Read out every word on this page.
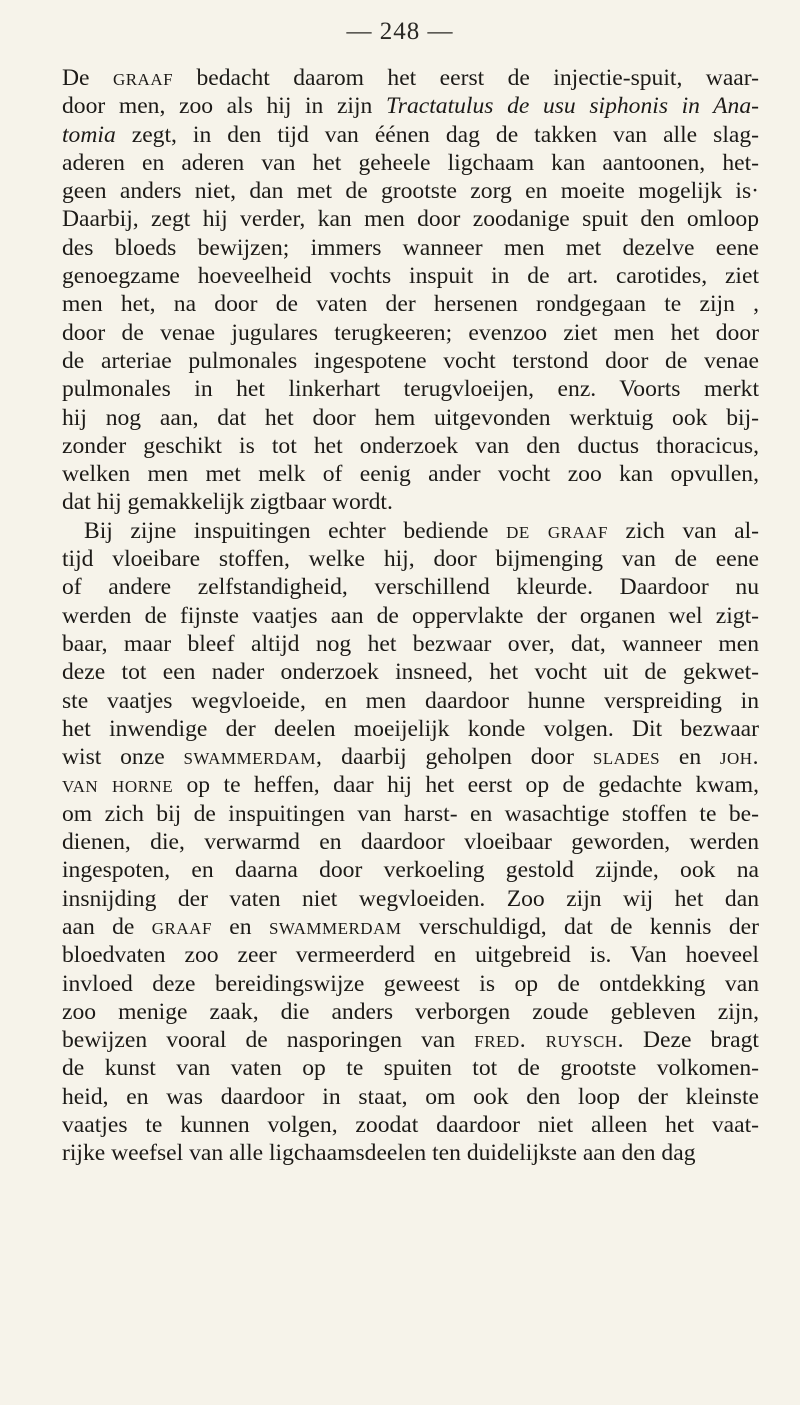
— 248 —
De graaf bedacht daarom het eerst de injectie-spuit, waar-
door men, zoo als hij in zijn Tractatulus de usu siphonis in Ana-
tomia zegt, in den tijd van éénen dag de takken van alle slag-
aderen en aderen van het geheele ligchaam kan aantoonen, het-
geen anders niet, dan met de grootste zorg en moeite mogelijk is·
Daarbij, zegt hij verder, kan men door zoodanige spuit den omloop
des bloeds bewijzen; immers wanneer men met dezelve eene
genoegzame hoeveelheid vochts inspuit in de art. carotides, ziet
men het, na door de vaten der hersenen rondgegaan te zijn ,
door de venae jugulares terugkeeren; evenzoo ziet men het door
de arteriae pulmonales ingespotene vocht terstond door de venae
pulmonales in het linkerhart terugvloeijen, enz. Voorts merkt
hij nog aan, dat het door hem uitgevonden werktuig ook bij-
zonder geschikt is tot het onderzoek van den ductus thoracicus,
welken men met melk of eenig ander vocht zoo kan opvullen,
dat hij gemakkelijk zigtbaar wordt.
Bij zijne inspuitingen echter bediende de graaf zich van al-
tijd vloeibare stoffen, welke hij, door bijmenging van de eene
of andere zelfstandigheid, verschillend kleurde. Daardoor nu
werden de fijnste vaatjes aan de oppervlakte der organen wel zigt-
baar, maar bleef altijd nog het bezwaar over, dat, wanneer men
deze tot een nader onderzoek insneed, het vocht uit de gekwet-
ste vaatjes wegvloeide, en men daardoor hunne verspreiding in
het inwendige der deelen moeijelijk konde volgen. Dit bezwaar
wist onze swammerdam, daarbij geholpen door slades en joh.
van horne op te heffen, daar hij het eerst op de gedachte kwam,
om zich bij de inspuitingen van harst- en wasachtige stoffen te be-
dienen, die, verwarmd en daardoor vloeibaar geworden, werden
ingespoten, en daarna door verkoeling gestold zijnde, ook na
insnijding der vaten niet wegvloeiden. Zoo zijn wij het dan
aan de graaf en swammerdam verschuldigd, dat de kennis der
bloedvaten zoo zeer vermeerderd en uitgebreid is. Van hoeveel
invloed deze bereidingswijze geweest is op de ontdekking van
zoo menige zaak, die anders verborgen zoude gebleven zijn,
bewijzen vooral de nasporingen van fred. ruysch. Deze bragt
de kunst van vaten op te spuiten tot de grootste volkomen-
heid, en was daardoor in staat, om ook den loop der kleinste
vaatjes te kunnen volgen, zoodat daardoor niet alleen het vaat-
rijke weefsel van alle ligchaamsdeelen ten duidelijkste aan den dag
